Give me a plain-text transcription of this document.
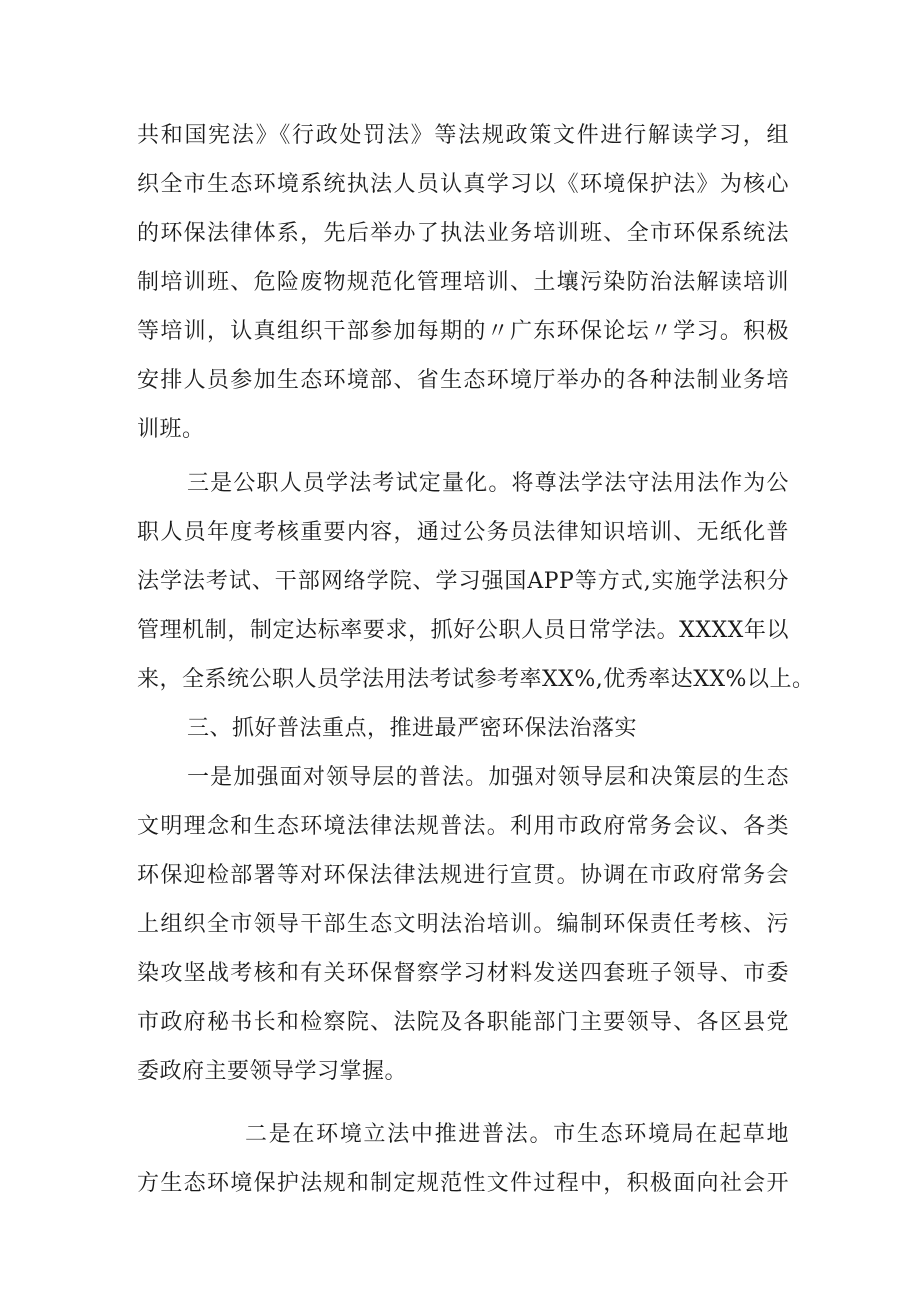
共和国宪法》《行政处罚法》等法规政策文件进行解读学习，组
织全市生态环境系统执法人员认真学习以《环境保护法》为核心
的环保法律体系，先后举办了执法业务培训班、全市环保系统法
制培训班、危险废物规范化管理培训、土壤污染防治法解读培训
等培训，认真组织干部参加每期的〃广东环保论坛〃学习。积极
安排人员参加生态环境部、省生态环境厅举办的各种法制业务培
训班。
三是公职人员学法考试定量化。将尊法学法守法用法作为公
职人员年度考核重要内容，通过公务员法律知识培训、无纸化普
法学法考试、干部网络学院、学习强国APP等方式,实施学法积分
管理机制，制定达标率要求，抓好公职人员日常学法。XXXX年以
来，全系统公职人员学法用法考试参考率XX%,优秀率达XX%以上。
三、抓好普法重点，推进最严密环保法治落实
一是加强面对领导层的普法。加强对领导层和决策层的生态
文明理念和生态环境法律法规普法。利用市政府常务会议、各类
环保迎检部署等对环保法律法规进行宣贯。协调在市政府常务会
上组织全市领导干部生态文明法治培训。编制环保责任考核、污
染攻坚战考核和有关环保督察学习材料发送四套班子领导、市委
市政府秘书长和检察院、法院及各职能部门主要领导、各区县党
委政府主要领导学习掌握。
二是在环境立法中推进普法。市生态环境局在起草地
方生态环境保护法规和制定规范性文件过程中，积极面向社会开
